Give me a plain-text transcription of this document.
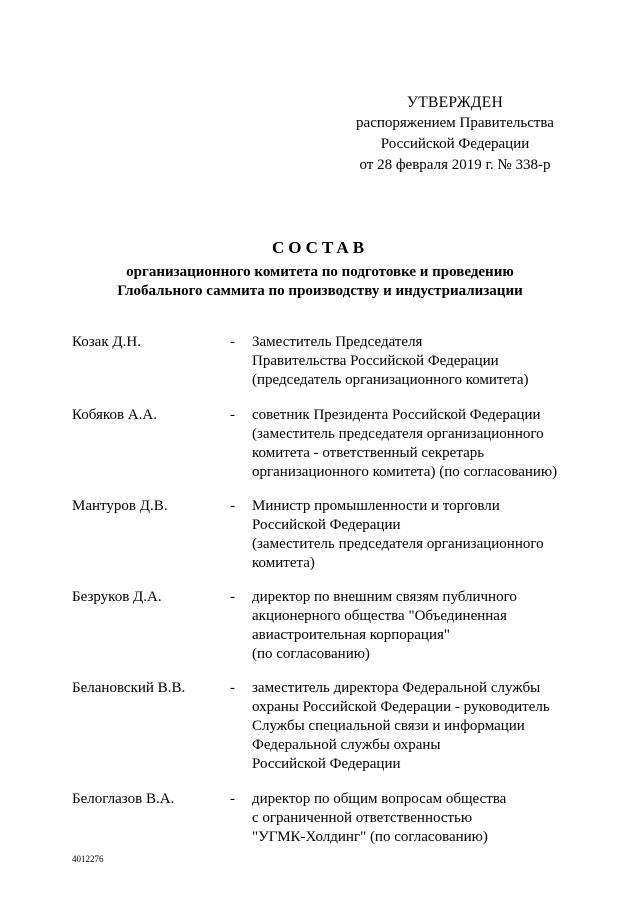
УТВЕРЖДЕН
распоряжением Правительства
Российской Федерации
от 28 февраля 2019 г. № 338-р
СОСТАВ
организационного комитета по подготовке и проведению
Глобального саммита по производству и индустриализации
Козак Д.Н.	-	Заместитель Председателя
Правительства Российской Федерации
(председатель организационного комитета)
Кобяков А.А.	-	советник Президента Российской Федерации
(заместитель председателя организационного
комитета - ответственный секретарь
организационного комитета) (по согласованию)
Мантуров Д.В.	-	Министр промышленности и торговли
Российской Федерации
(заместитель председателя организационного
комитета)
Безруков Д.А.	-	директор по внешним связям публичного
акционерного общества "Объединенная
авиастроительная корпорация"
(по согласованию)
Белановский В.В.	-	заместитель директора Федеральной службы
охраны Российской Федерации - руководитель
Службы специальной связи и информации
Федеральной службы охраны
Российской Федерации
Белоглазов В.А.	-	директор по общим вопросам общества
с ограниченной ответственностью
"УГМК-Холдинг" (по согласованию)
4012276
